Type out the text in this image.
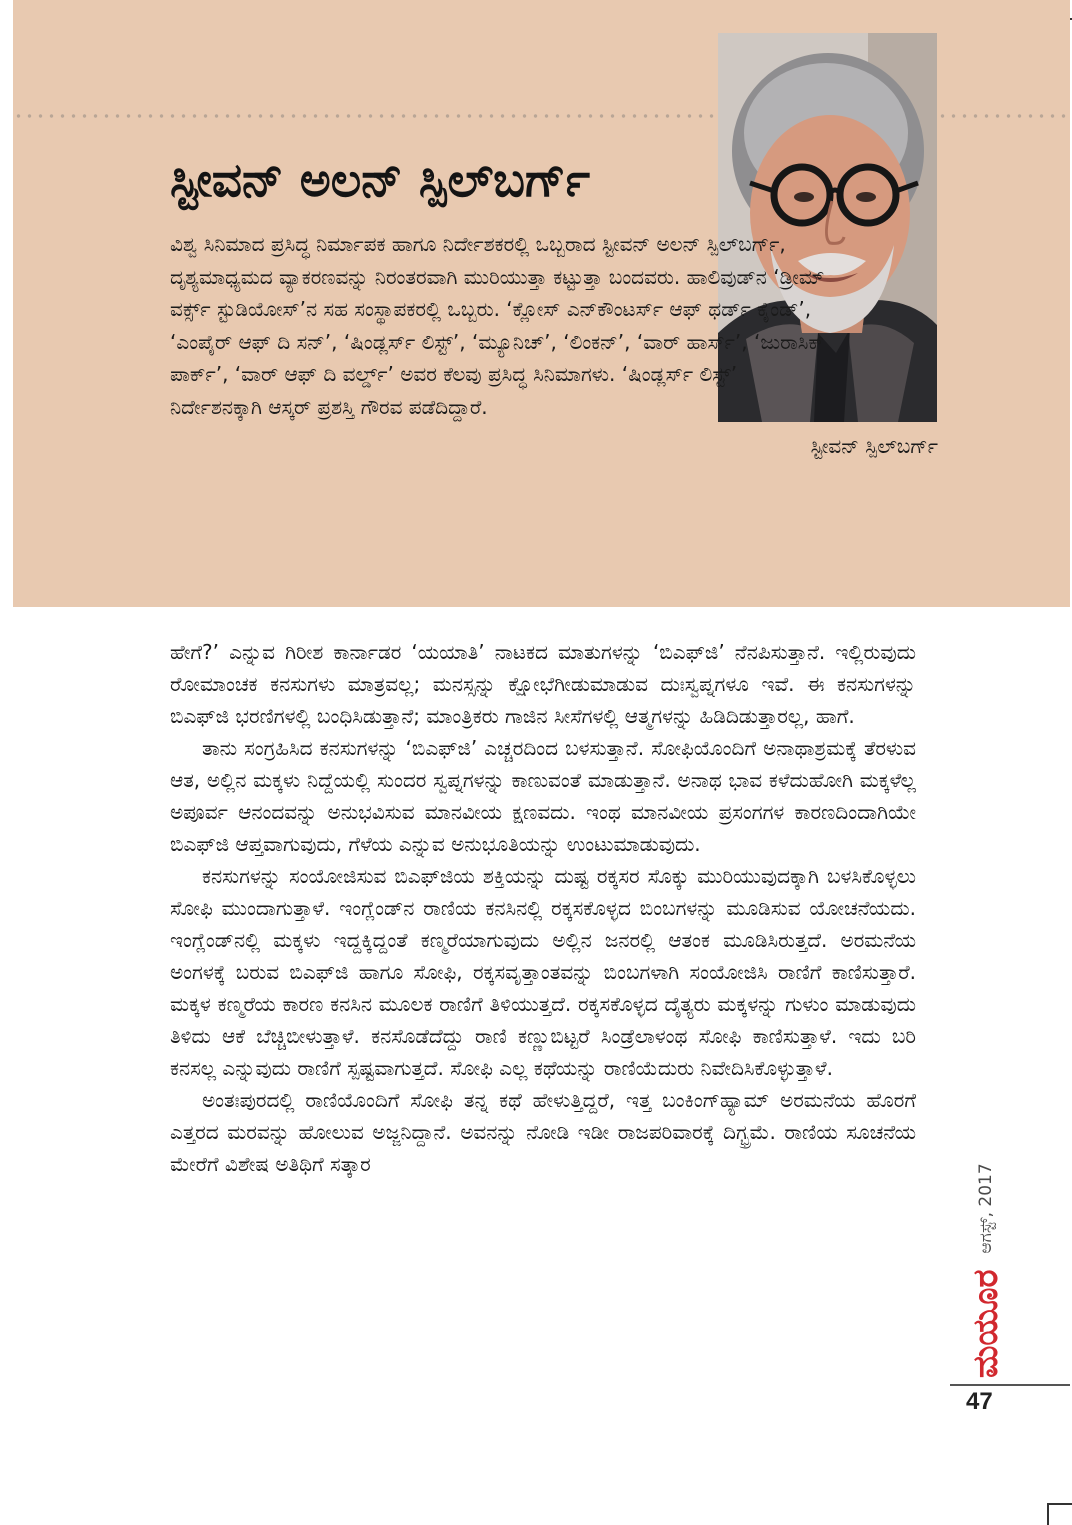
ಸ್ಟೀವನ್ ಅಲನ್ ಸ್ಪಿಲ್‌ಬರ್ಗ್

ವಿಶ್ವ ಸಿನಿಮಾದ ಪ್ರಸಿದ್ಧ ನಿರ್ಮಾಪಕ ಹಾಗೂ ನಿರ್ದೇಶಕರಲ್ಲಿ ಒಬ್ಬರಾದ ಸ್ಟೀವನ್ ಅಲನ್ ಸ್ಪಿಲ್‌ಬರ್ಗ್, ದೃಶ್ಯಮಾಧ್ಯಮದ ವ್ಯಾಕರಣವನ್ನು ನಿರಂತರವಾಗಿ ಮುರಿಯುತ್ತಾ ಕಟ್ಟುತ್ತಾ ಬಂದವರು. ಹಾಲಿವುಡ್‌ನ ‘ಡ್ರೀಮ್ ವರ್ಕ್ಸ್ ಸ್ಟುಡಿಯೋಸ್’ನ ಸಹ ಸಂಸ್ಥಾಪಕರಲ್ಲಿ ಒಬ್ಬರು. ‘ಕ್ಲೋಸ್ ಎನ್‌ಕೌಂಟರ್ಸ್ ಆಫ್ ಥರ್ಡ್ ಕೈಂಡ್’, ‘ಎಂಪೈರ್ ಆಫ್ ದಿ ಸನ್’, ‘ಷಿಂಡ್ಲರ್ಸ್ ಲಿಸ್ಟ್’, ‘ಮ್ಯೂನಿಚ್’, ‘ಲಿಂಕನ್’, ‘ವಾರ್ ಹಾರ್ಸ್’, ‘ಜುರಾಸಿಕ್ ಪಾರ್ಕ್’, ‘ವಾರ್ ಆಫ್ ದಿ ವರ್ಲ್ಡ್’ ಅವರ ಕೆಲವು ಪ್ರಸಿದ್ಧ ಸಿನಿಮಾಗಳು. ‘ಷಿಂಡ್ಲರ್ಸ್ ಲಿಸ್ಟ್’ ನಿರ್ದೇಶನಕ್ಕಾಗಿ ಆಸ್ಕರ್ ಪ್ರಶಸ್ತಿ ಗೌರವ ಪಡೆದಿದ್ದಾರೆ.

ಸ್ಟೀವನ್ ಸ್ಪಿಲ್‌ಬರ್ಗ್

ಹೇಗೆ?’ ಎನ್ನುವ ಗಿರೀಶ ಕಾರ್ನಾಡರ ‘ಯಯಾತಿ’ ನಾಟಕದ ಮಾತುಗಳನ್ನು ‘ಬಿಎಫ್‌ಜಿ’ ನೆನಪಿಸುತ್ತಾನೆ. ಇಲ್ಲಿರುವುದು ರೋಮಾಂಚಕ ಕನಸುಗಳು ಮಾತ್ರವಲ್ಲ; ಮನಸ್ಸನ್ನು ಕ್ಷೋಭೆಗೀಡುಮಾಡುವ ದುಃಸ್ವಪ್ನಗಳೂ ಇವೆ. ಈ ಕನಸುಗಳನ್ನು ಬಿಎಫ್‌ಜಿ ಭರಣಿಗಳಲ್ಲಿ ಬಂಧಿಸಿಡುತ್ತಾನೆ; ಮಾಂತ್ರಿಕರು ಗಾಜಿನ ಸೀಸೆಗಳಲ್ಲಿ ಆತ್ಮಗಳನ್ನು ಹಿಡಿದಿಡುತ್ತಾರಲ್ಲ, ಹಾಗೆ.

ತಾನು ಸಂಗ್ರಹಿಸಿದ ಕನಸುಗಳನ್ನು ‘ಬಿಎಫ್‌ಜಿ’ ಎಚ್ಚರದಿಂದ ಬಳಸುತ್ತಾನೆ. ಸೋಫಿಯೊಂದಿಗೆ ಅನಾಥಾಶ್ರಮಕ್ಕೆ ತೆರಳುವ ಆತ, ಅಲ್ಲಿನ ಮಕ್ಕಳು ನಿದ್ದೆಯಲ್ಲಿ ಸುಂದರ ಸ್ವಪ್ನಗಳನ್ನು ಕಾಣುವಂತೆ ಮಾಡುತ್ತಾನೆ. ಅನಾಥ ಭಾವ ಕಳೆದುಹೋಗಿ ಮಕ್ಕಳೆಲ್ಲ ಅಪೂರ್ವ ಆನಂದವನ್ನು ಅನುಭವಿಸುವ ಮಾನವೀಯ ಕ್ಷಣವದು. ಇಂಥ ಮಾನವೀಯ ಪ್ರಸಂಗಗಳ ಕಾರಣದಿಂದಾಗಿಯೇ ಬಿಎಫ್‌ಜಿ ಆಪ್ತವಾಗುವುದು, ಗೆಳೆಯ ಎನ್ನುವ ಅನುಭೂತಿಯನ್ನು ಉಂಟುಮಾಡುವುದು.

ಕನಸುಗಳನ್ನು ಸಂಯೋಜಿಸುವ ಬಿಎಫ್‌ಜಿಯ ಶಕ್ತಿಯನ್ನು ದುಷ್ಟ ರಕ್ಕಸರ ಸೊಕ್ಕು ಮುರಿಯುವುದಕ್ಕಾಗಿ ಬಳಸಿಕೊಳ್ಳಲು ಸೋಫಿ ಮುಂದಾಗುತ್ತಾಳೆ. ಇಂಗ್ಲೆಂಡ್‌ನ ರಾಣಿಯ ಕನಸಿನಲ್ಲಿ ರಕ್ಕಸಕೊಳ್ಳದ ಬಿಂಬಗಳನ್ನು ಮೂಡಿಸುವ ಯೋಚನೆಯದು. ಇಂಗ್ಲೆಂಡ್‌ನಲ್ಲಿ ಮಕ್ಕಳು ಇದ್ದಕ್ಕಿದ್ದಂತೆ ಕಣ್ಮರೆಯಾಗುವುದು ಅಲ್ಲಿನ ಜನರಲ್ಲಿ ಆತಂಕ ಮೂಡಿಸಿರುತ್ತದೆ. ಅರಮನೆಯ ಅಂಗಳಕ್ಕೆ ಬರುವ ಬಿಎಫ್‌ಜಿ ಹಾಗೂ ಸೋಫಿ, ರಕ್ಕಸವೃತ್ತಾಂತವನ್ನು ಬಿಂಬಗಳಾಗಿ ಸಂಯೋಜಿಸಿ ರಾಣಿಗೆ ಕಾಣಿಸುತ್ತಾರೆ. ಮಕ್ಕಳ ಕಣ್ಮರೆಯ ಕಾರಣ ಕನಸಿನ ಮೂಲಕ ರಾಣಿಗೆ ತಿಳಿಯುತ್ತದೆ. ರಕ್ಕಸಕೊಳ್ಳದ ದೈತ್ಯರು ಮಕ್ಕಳನ್ನು ಗುಳುಂ ಮಾಡುವುದು ತಿಳಿದು ಆಕೆ ಬೆಚ್ಚಿಬೀಳುತ್ತಾಳೆ. ಕನಸೊಡೆದೆದ್ದು ರಾಣಿ ಕಣ್ಣುಬಿಟ್ಟರೆ ಸಿಂಡ್ರೆಲಾಳಂಥ ಸೋಫಿ ಕಾಣಿಸುತ್ತಾಳೆ. ಇದು ಬರಿ ಕನಸಲ್ಲ ಎನ್ನುವುದು ರಾಣಿಗೆ ಸ್ಪಷ್ಟವಾಗುತ್ತದೆ. ಸೋಫಿ ಎಲ್ಲ ಕಥೆಯನ್ನು ರಾಣಿಯೆದುರು ನಿವೇದಿಸಿಕೊಳ್ಳುತ್ತಾಳೆ.

ಅಂತಃಪುರದಲ್ಲಿ ರಾಣಿಯೊಂದಿಗೆ ಸೋಫಿ ತನ್ನ ಕಥೆ ಹೇಳುತ್ತಿದ್ದರೆ, ಇತ್ತ ಬಂಕಿಂಗ್‌ಹ್ಯಾಮ್ ಅರಮನೆಯ ಹೊರಗೆ ಎತ್ತರದ ಮರವನ್ನು ಹೋಲುವ ಅಜ್ಜನಿದ್ದಾನೆ. ಅವನನ್ನು ನೋಡಿ ಇಡೀ ರಾಜಪರಿವಾರಕ್ಕೆ ದಿಗ್ಭ್ರಮೆ. ರಾಣಿಯ ಸೂಚನೆಯ ಮೇರೆಗೆ ವಿಶೇಷ ಅತಿಥಿಗೆ ಸತ್ಕಾರ

ಮಯೂರ
ಆಗಸ್ಟ್, 2017
47
